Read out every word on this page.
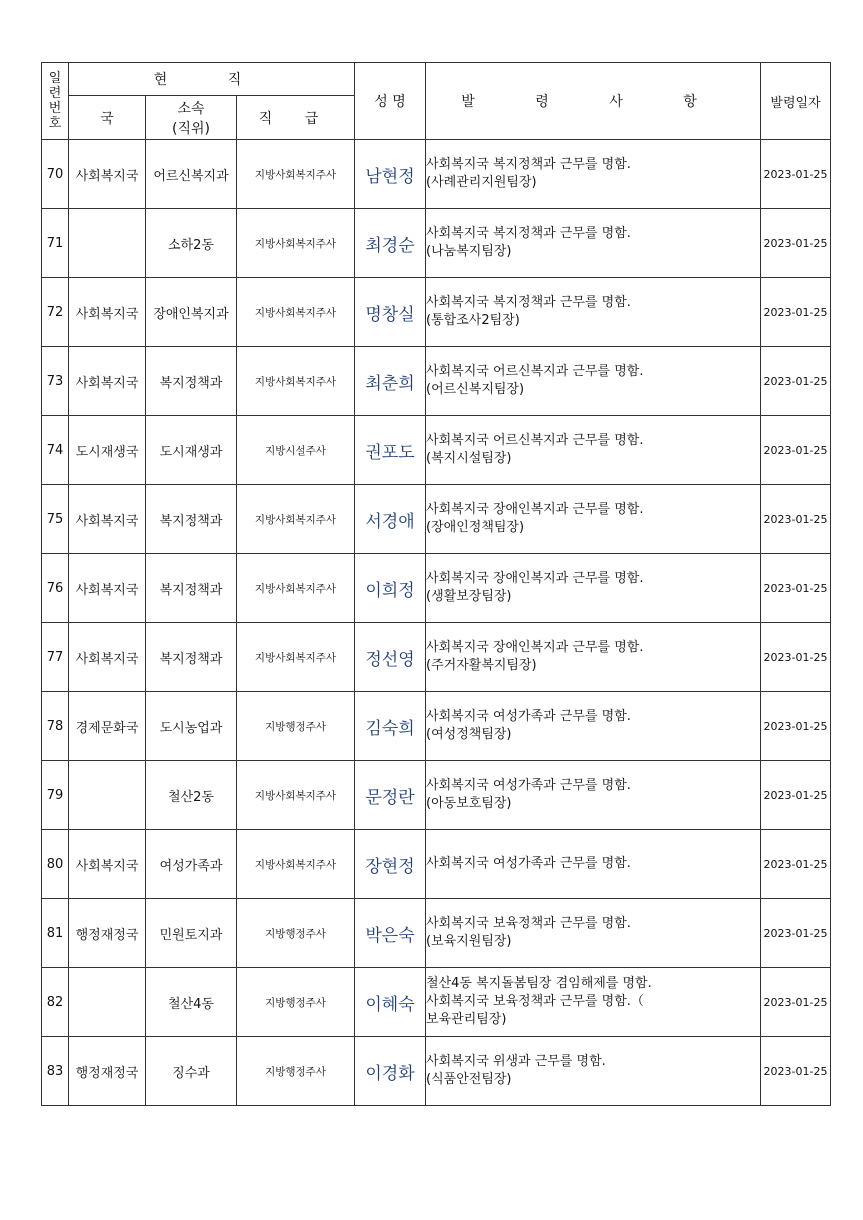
일
련
번
호	현 직			성 명	발 령 사 항	발령일자
	국	소속
(직위)	직 급			
70	사회복지국	어르신복지과	지방사회복지주사	남현정	사회복지국 복지정책과 근무를 명함.
(사례관리지원팀장)	2023-01-25
71		소하2동	지방사회복지주사	최경순	사회복지국 복지정책과 근무를 명함.
(나눔복지팀장)	2023-01-25
72	사회복지국	장애인복지과	지방사회복지주사	명창실	사회복지국 복지정책과 근무를 명함.
(통합조사2팀장)	2023-01-25
73	사회복지국	복지정책과	지방사회복지주사	최춘희	사회복지국 어르신복지과 근무를 명함.
(어르신복지팀장)	2023-01-25
74	도시재생국	도시재생과	지방시설주사	권포도	사회복지국 어르신복지과 근무를 명함.
(복지시설팀장)	2023-01-25
75	사회복지국	복지정책과	지방사회복지주사	서경애	사회복지국 장애인복지과 근무를 명함.
(장애인정책팀장)	2023-01-25
76	사회복지국	복지정책과	지방사회복지주사	이희정	사회복지국 장애인복지과 근무를 명함.
(생활보장팀장)	2023-01-25
77	사회복지국	복지정책과	지방사회복지주사	정선영	사회복지국 장애인복지과 근무를 명함.
(주거자활복지팀장)	2023-01-25
78	경제문화국	도시농업과	지방행정주사	김숙희	사회복지국 여성가족과 근무를 명함.
(여성정책팀장)	2023-01-25
79		철산2동	지방사회복지주사	문정란	사회복지국 여성가족과 근무를 명함.
(아동보호팀장)	2023-01-25
80	사회복지국	여성가족과	지방사회복지주사	장현정	사회복지국 여성가족과 근무를 명함.	2023-01-25
81	행정재정국	민원토지과	지방행정주사	박은숙	사회복지국 보육정책과 근무를 명함.
(보육지원팀장)	2023-01-25
82		철산4동	지방행정주사	이혜숙	철산4동 복지돌봄팀장 겸임해제를 명함.
사회복지국 보육정책과 근무를 명함.（
보육관리팀장)	2023-01-25
83	행정재정국	징수과	지방행정주사	이경화	사회복지국 위생과 근무를 명함.
(식품안전팀장)	2023-01-25
